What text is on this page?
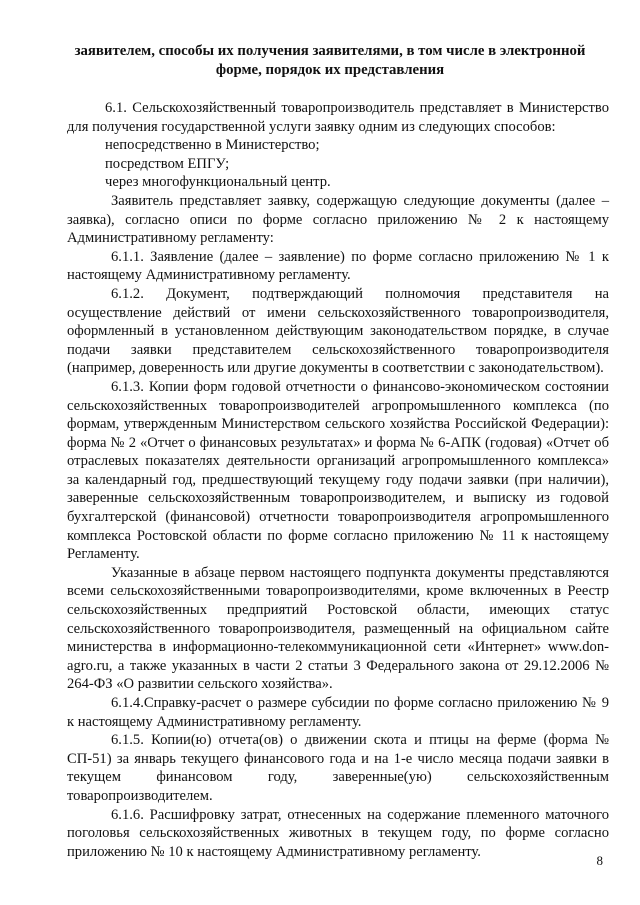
заявителем, способы их получения заявителями, в том числе в электронной форме, порядок их представления

6.1. Сельскохозяйственный товаропроизводитель представляет в Министерство для получения государственной услуги заявку одним из следующих способов:

непосредственно в Министерство;

посредством ЕПГУ;

через многофункциональный центр.

Заявитель представляет заявку, содержащую следующие документы (далее – заявка), согласно описи по форме согласно приложению № 2 к настоящему Административному регламенту:

6.1.1. Заявление (далее – заявление) по форме согласно приложению № 1 к настоящему Административному регламенту.

6.1.2. Документ, подтверждающий полномочия представителя на осуществление действий от имени сельскохозяйственного товаропроизводителя, оформленный в установленном действующим законодательством порядке, в случае подачи заявки представителем сельскохозяйственного товаропроизводителя (например, доверенность или другие документы в соответствии с законодательством).

6.1.3. Копии форм годовой отчетности о финансово-экономическом состоянии сельскохозяйственных товаропроизводителей агропромышленного комплекса (по формам, утвержденным Министерством сельского хозяйства Российской Федерации): форма № 2 «Отчет о финансовых результатах» и форма № 6-АПК (годовая) «Отчет об отраслевых показателях деятельности организаций агропромышленного комплекса» за календарный год, предшествующий текущему году подачи заявки (при наличии), заверенные сельскохозяйственным товаропроизводителем, и выписку из годовой бухгалтерской (финансовой) отчетности товаропроизводителя агропромышленного комплекса Ростовской области по форме согласно приложению № 11 к настоящему Регламенту.

Указанные в абзаце первом настоящего подпункта документы представляются всеми сельскохозяйственными товаропроизводителями, кроме включенных в Реестр сельскохозяйственных предприятий Ростовской области, имеющих статус сельскохозяйственного товаропроизводителя, размещенный на официальном сайте министерства в информационно-телекоммуникационной сети «Интернет» www.don-agro.ru, а также указанных в части 2 статьи 3 Федерального закона от 29.12.2006 № 264-ФЗ «О развитии сельского хозяйства».

6.1.4.Справку-расчет о размере субсидии по форме согласно приложению № 9 к настоящему Административному регламенту.

6.1.5. Копии(ю) отчета(ов) о движении скота и птицы на ферме (форма № СП-51) за январь текущего финансового года и на 1-е число месяца подачи заявки в текущем финансовом году, заверенные(ую) сельскохозяйственным товаропроизводителем.

6.1.6. Расшифровку затрат, отнесенных на содержание племенного маточного поголовья сельскохозяйственных животных в текущем году, по форме согласно приложению № 10 к настоящему Административному регламенту.

8
